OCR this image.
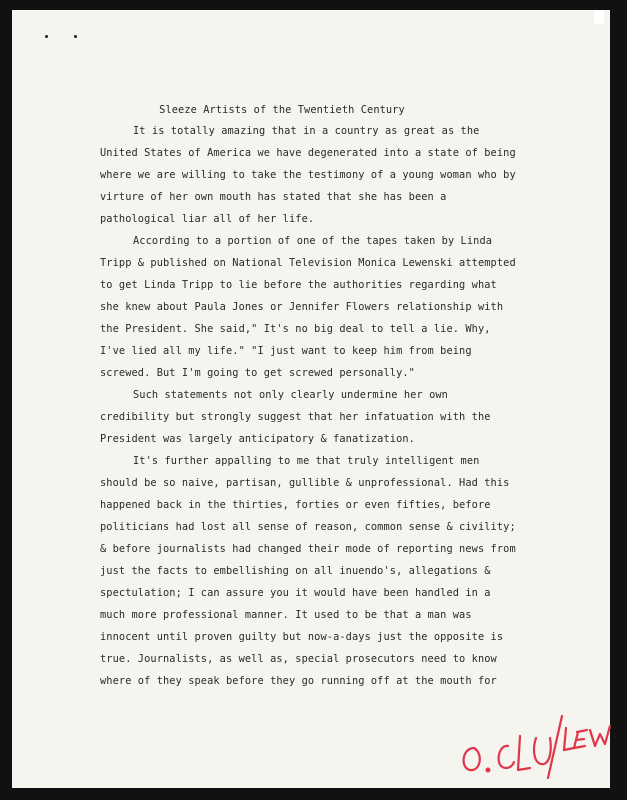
Sleeze Artists of the Twentieth Century

It is totally amazing that in a country as great as the

United States of America we have degenerated into a state of being

where we are willing to take the testimony of a young woman who by

virture of her own mouth has stated that she has been a

pathological liar all of her life.

According to a portion of one of the tapes taken by Linda

Tripp & published on National Television Monica Lewenski attempted

to get Linda Tripp to lie before the authorities regarding what

she knew about Paula Jones or Jennifer Flowers relationship with

the President. She said," It's no big deal to tell a lie. Why,

I've lied all my life." "I just want to keep him from being

screwed. But I'm going to get screwed personally."

Such statements not only clearly undermine her own

credibility but strongly suggest that her infatuation with the

President was largely anticipatory & fanatization.

It's further appalling to me that truly intelligent men

should be so naive, partisan, gullible & unprofessional. Had this

happened back in the thirties, forties or even fifties, before

politicians had lost all sense of reason, common sense & civility;

& before journalists had changed their mode of reporting news from

just the facts to embellishing on all inuendo's, allegations &

spectulation; I can assure you it would have been handled in a

much more professional manner. It used to be that a man was

innocent until proven guilty but now-a-days just the opposite is

true. Journalists, as well as, special prosecutors need to know

where of they speak before they go running off at the mouth for
